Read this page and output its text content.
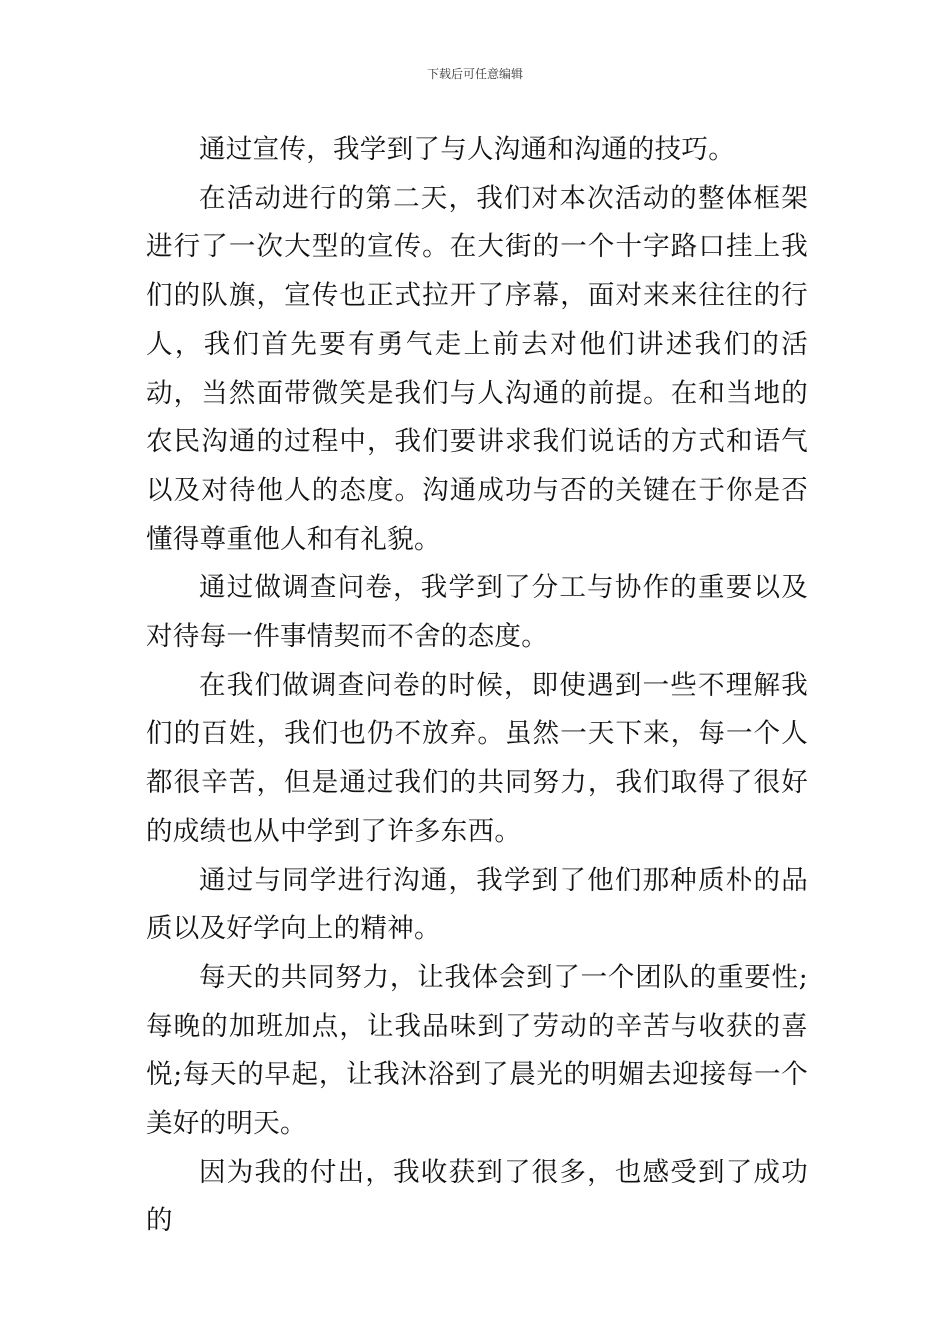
下载后可任意编辑

通过宣传，我学到了与人沟通和沟通的技巧。

在活动进行的第二天，我们对本次活动的整体框架进行了一次大型的宣传。在大街的一个十字路口挂上我们的队旗，宣传也正式拉开了序幕，面对来来往往的行人，我们首先要有勇气走上前去对他们讲述我们的活动，当然面带微笑是我们与人沟通的前提。在和当地的农民沟通的过程中，我们要讲求我们说话的方式和语气以及对待他人的态度。沟通成功与否的关键在于你是否懂得尊重他人和有礼貌。

通过做调查问卷，我学到了分工与协作的重要以及对待每一件事情契而不舍的态度。

在我们做调查问卷的时候，即使遇到一些不理解我们的百姓，我们也仍不放弃。虽然一天下来，每一个人都很辛苦，但是通过我们的共同努力，我们取得了很好的成绩也从中学到了许多东西。

通过与同学进行沟通，我学到了他们那种质朴的品质以及好学向上的精神。

每天的共同努力，让我体会到了一个团队的重要性;每晚的加班加点，让我品味到了劳动的辛苦与收获的喜悦;每天的早起，让我沐浴到了晨光的明媚去迎接每一个美好的明天。

因为我的付出，我收获到了很多，也感受到了成功的
